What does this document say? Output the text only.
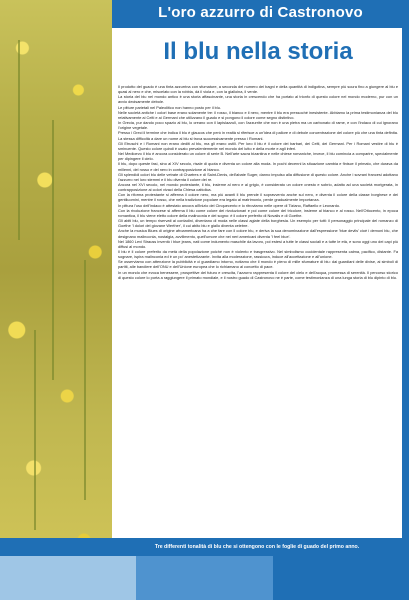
L'oro azzurro di Castronovo
Il blu nella storia

Il prodotto del guado è una tinta azzurrina con sfumature, a seconda del numero dei bagni e della quantità di indigotina, sempre più scura fino a giungere al blu e quasi al nero e che, miscelato con la robbia, dà il viola e, con la gialloina, il verde.

La storia del blu nel mondo antico è una storia affascinante, una storia in crescendo che ha portato al trionfo di questo colore nel mondo moderno, pur con un avvio decisamente debole.

Le pitture parietali nel Paleolitico non hanno posto per il blu.

Nelle società antiche i colori base erano solamente tre: il rosso, il bianco e il nero, mentre il blu era pressoché inesistente. Abbiamo la prima testimonianza del blu relativamente ai Celti e ai Germani che utilizzano il guado e si pongono il colore come segno distintivo.

In Grecia, pur dando poco spazio al blu, lo creano con il lapislazzuli, con l'azzurrite che non è una pietra ma un carbonato di rame, e con l'indaco di cui ignorano l'origine vegetale.

Presso i Greci il termine che indica il blu è glaucos che però in realtà si riferisce a un'idea di pallore e di debole concentrazione del colore più che una tinta definita. La stessa difficoltà a dare un nome al blu si trova successivamente presso i Romani.

Gli Etruschi e i Romani non erano dediti al blu, ma gli erano ostili. Per loro il blu è il colore dei barbari, dei Celti, dei Germani. Per i Romani vestire di blu è sminuente. Questo colore quindi è usato prevalentemente nel mondo del lutto e della morte e agli inferi.

Nel Medioevo il blu è ancora considerato un colore di serie B. Nell'arte sacra bizantina e nelle chiese romaniche, invece, il blu comincia a comparire, specialmente per dipingere il cielo.

Il blu, dopo queste fasi, sino al XIV secolo, risale di quota e diventa un colore alla moda. In pochi decenni la situazione cambia e finisce il primato, che durava da millenni, del rosso e del nero in contrapposizione al bianco.

Gli splendidi colori blu delle vetrate di Chartres e di Saint-Denis, dell'abate Suger, danno impulso alla diffusione di questo colore. Anche i sovrani francesi adottano l'azzurro nei loro stemmi e il blu diventa il colore dei re.

Ancora nel XVI secolo, nel mondo protestante, il blu, insieme al nero e al grigio, è considerato un colore onesto e sobrio, adatto ad una società morigerata, in contrapposizione ai colori vivaci della Chiesa cattolica.

Con la riforma protestante si afferma il colore nero, ma più avanti il blu prende il sopravvento anche sul nero, e diventa il colore della classe borghese e dei gentiluomini, mentre il rosso, che nella tradizione popolare era legato al matrimonio, perde gradualmente importanza.

In pittura l'uso dell'indaco è attestato ancora all'inizio del Cinquecento e lo ritroviamo nelle opere di Tiziano, Raffaello e Leonardo.

Con la rivoluzione francese si afferma il blu come colore dei rivoluzionari e poi come colore del tricolore, insieme al bianco e al rosso. Nell'Ottocento, in epoca romantica, il blu viene eletto colore della malinconia e del sogno: è il colore preferito di Novalis e di Goethe.

Gli abiti blu, un tempo riservati ai contadini, diventano di moda nelle classi agiate della borghesia. Un esempio per tutti: il personaggio principale del romanzo di Goethe 'I dolori del giovane Werther', il cui abito blu e giallo diventa celebre.

Anche la musica Blues di origine afroamericana ha a che fare con il colore blu, e deriva la sua denominazione dall'espressione 'blue devils' cioè i demoni blu, che designano malinconia, nostalgia, avvilimento, quell'umore che nei neri americani diventa 'I feel blue'.

Nel 1860 Levi Strauss inventò i blue jeans, nati come indumento maschile da lavoro, poi estesi a tutte le classi sociali e a tutte le età, e sono oggi uno dei capi più diffusi al mondo.

Il blu è il colore preferito da metà della popolazione poiché non è violento e trasgressivo. Nel simbolismo occidentale rappresenta calma, pacifico, distante. Fa sognare, ispira malinconia ed è un po' anestetizzante. Invita alla moderazione, rassicura, induce all'accettazione e all'unione.

Se osserviamo con attenzione la pubblicità e ci guardiamo intorno, notiamo che il mondo è pieno di mille sfumature di blu: dai guardiani delle divise, ai simboli di partiti, alle bandiere dell'ONU e dell'Unione europea che lo richiamano al concetto di pace.

In un mondo che evoca benessere, prospettive del futuro e crescita, l'azzurro rappresenta il colore del cielo e dell'acqua, promessa di serenità. Il percorso storico di questo colore lo porta a raggiungere il primato mondiale, e il nostro guado di Castronovo ne è parte, come testimonianza di una lunga storia di blu dipinto di blu.

Tre differenti tonalità di blu che si ottengono con le foglie di guado del primo anno.
